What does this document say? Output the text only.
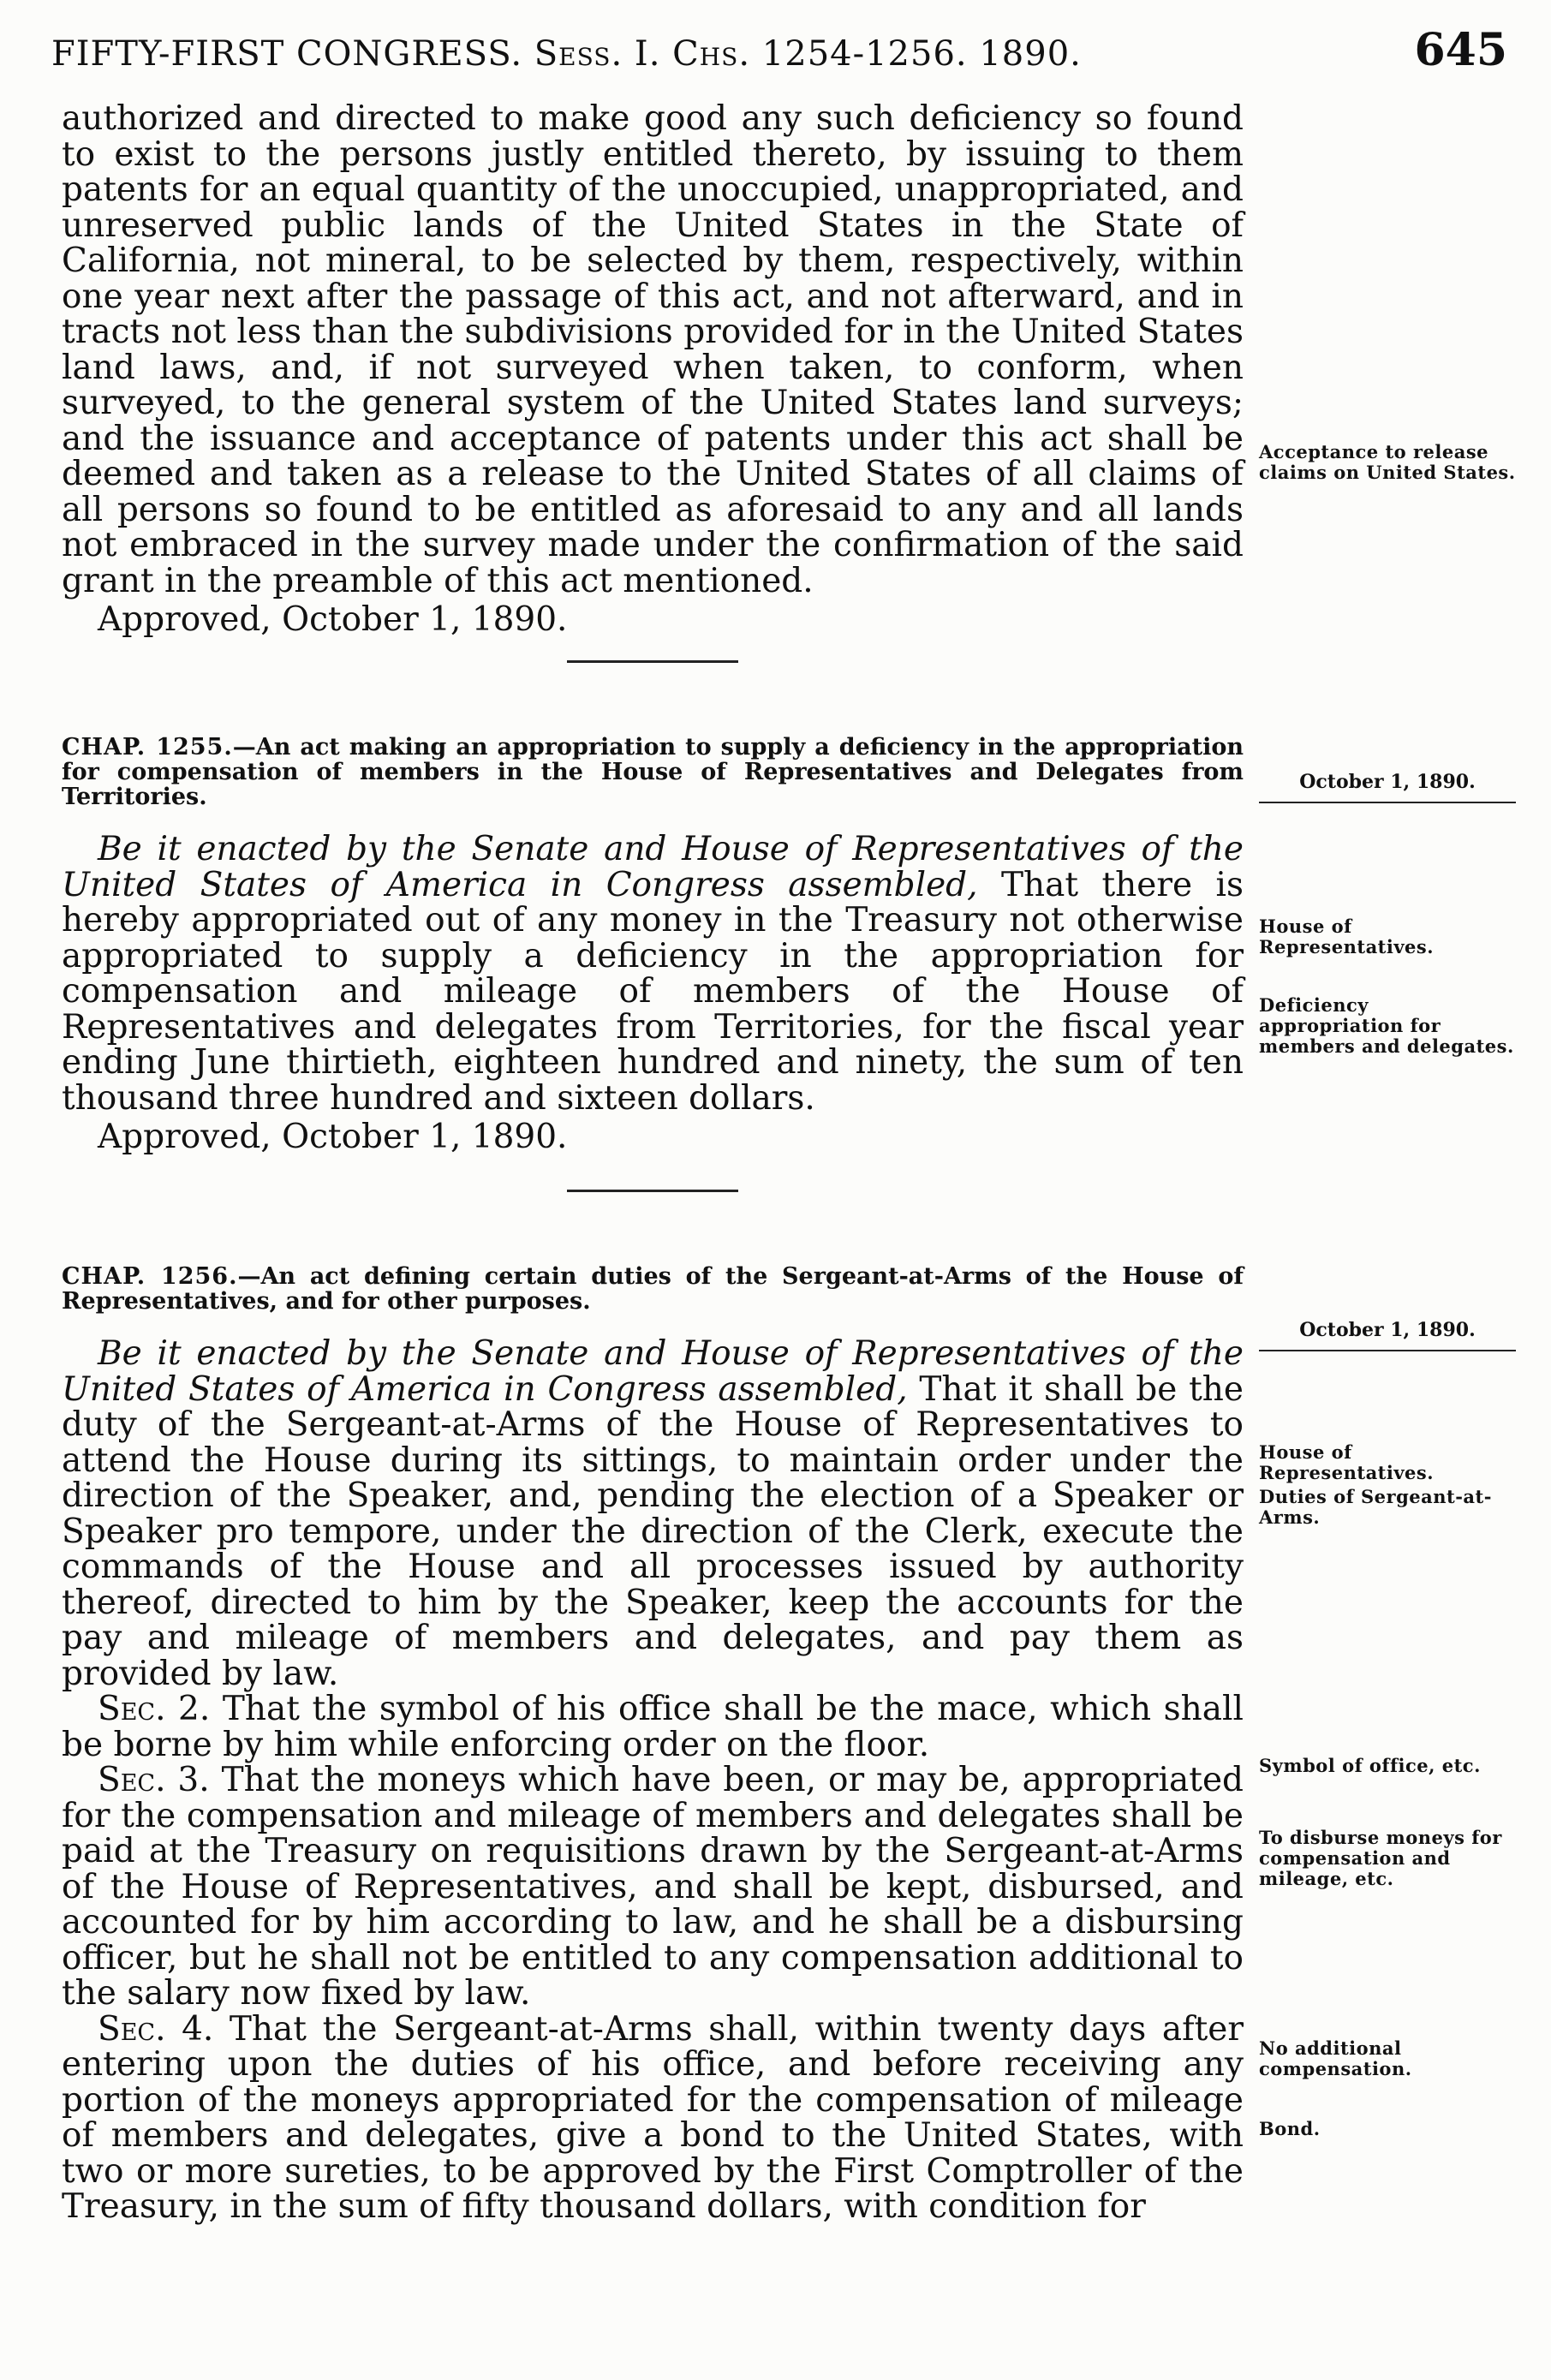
FIFTY-FIRST CONGRESS. Sess. I. Chs. 1254-1256. 1890.	645

authorized and directed to make good any such deficiency so found to exist to the persons justly entitled thereto, by issuing to them patents for an equal quantity of the unoccupied, unappropriated, and unreserved public lands of the United States in the State of California, not mineral, to be selected by them, respectively, within one year next after the passage of this act, and not afterward, and in tracts not less than the subdivisions provided for in the United States land laws, and, if not surveyed when taken, to conform, when surveyed, to the general system of the United States land surveys; and the issuance and acceptance of patents under this act shall be deemed and taken as a release to the United States of all claims of all persons so found to be entitled as aforesaid to any and all lands not embraced in the survey made under the confirmation of the said grant in the preamble of this act mentioned.

Approved, October 1, 1890.

CHAP. 1255.—An act making an appropriation to supply a deficiency in the appropriation for compensation of members in the House of Representatives and Delegates from Territories.

Be it enacted by the Senate and House of Representatives of the United States of America in Congress assembled, That there is hereby appropriated out of any money in the Treasury not otherwise appropriated to supply a deficiency in the appropriation for compensation and mileage of members of the House of Representatives and delegates from Territories, for the fiscal year ending June thirtieth, eighteen hundred and ninety, the sum of ten thousand three hundred and sixteen dollars.

Approved, October 1, 1890.

CHAP. 1256.—An act defining certain duties of the Sergeant-at-Arms of the House of Representatives, and for other purposes.

Be it enacted by the Senate and House of Representatives of the United States of America in Congress assembled, That it shall be the duty of the Sergeant-at-Arms of the House of Representatives to attend the House during its sittings, to maintain order under the direction of the Speaker, and, pending the election of a Speaker or Speaker pro tempore, under the direction of the Clerk, execute the commands of the House and all processes issued by authority thereof, directed to him by the Speaker, keep the accounts for the pay and mileage of members and delegates, and pay them as provided by law.

Sec. 2. That the symbol of his office shall be the mace, which shall be borne by him while enforcing order on the floor.

Sec. 3. That the moneys which have been, or may be, appropriated for the compensation and mileage of members and delegates shall be paid at the Treasury on requisitions drawn by the Sergeant-at-Arms of the House of Representatives, and shall be kept, disbursed, and accounted for by him according to law, and he shall be a disbursing officer, but he shall not be entitled to any compensation additional to the salary now fixed by law.

Sec. 4. That the Sergeant-at-Arms shall, within twenty days after entering upon the duties of his office, and before receiving any portion of the moneys appropriated for the compensation of mileage of members and delegates, give a bond to the United States, with two or more sureties, to be approved by the First Comptroller of the Treasury, in the sum of fifty thousand dollars, with condition for

Acceptance to release claims on United States.
October 1, 1890.
House of Representatives.
Deficiency appropriation for members and delegates.
October 1, 1890.
House of Representatives.
Duties of Sergeant-at-Arms.
Symbol of office, etc.
To disburse moneys for compensation and mileage, etc.
No additional compensation.
Bond.
